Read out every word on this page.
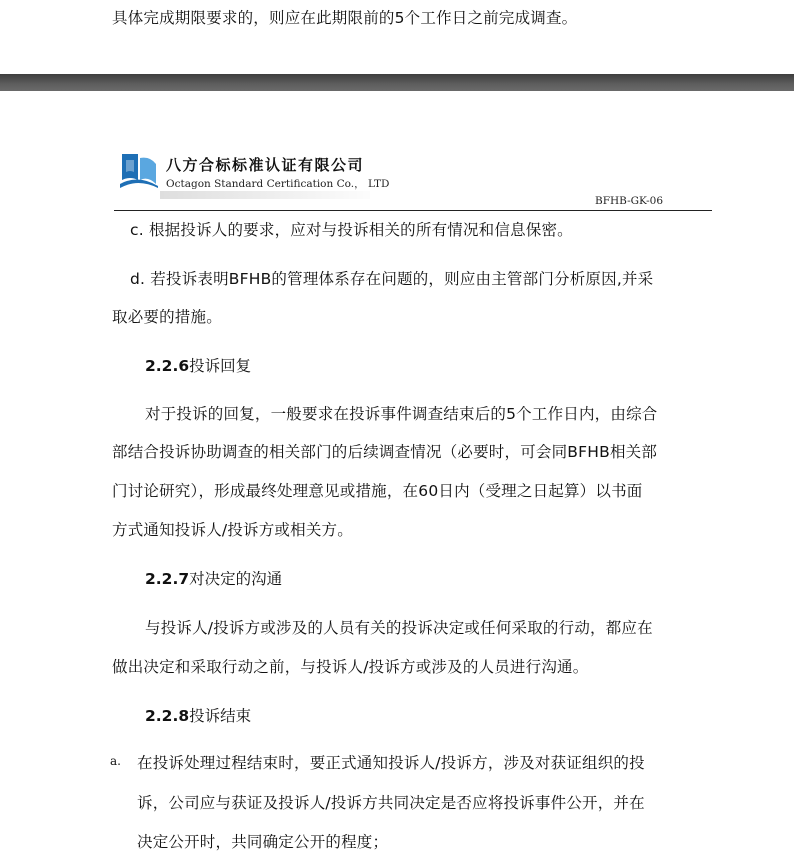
具体完成期限要求的，则应在此期限前的5个工作日之前完成调查。
八方合标标准认证有限公司
Octagon Standard Certification Co.， LTD
BFHB-GK-06
c. 根据投诉人的要求，应对与投诉相关的所有情况和信息保密。
d. 若投诉表明BFHB的管理体系存在问题的，则应由主管部门分析原因,并采
取必要的措施。
2.2.6投诉回复
对于投诉的回复，一般要求在投诉事件调查结束后的5个工作日内，由综合
部结合投诉协助调查的相关部门的后续调查情况（必要时，可会同BFHB相关部
门讨论研究），形成最终处理意见或措施，在60日内（受理之日起算）以书面
方式通知投诉人/投诉方或相关方。
2.2.7对决定的沟通
与投诉人/投诉方或涉及的人员有关的投诉决定或任何采取的行动，都应在
做出决定和采取行动之前，与投诉人/投诉方或涉及的人员进行沟通。
2.2.8投诉结束
a. 在投诉处理过程结束时，要正式通知投诉人/投诉方，涉及对获证组织的投
诉，公司应与获证及投诉人/投诉方共同决定是否应将投诉事件公开，并在
决定公开时，共同确定公开的程度；
